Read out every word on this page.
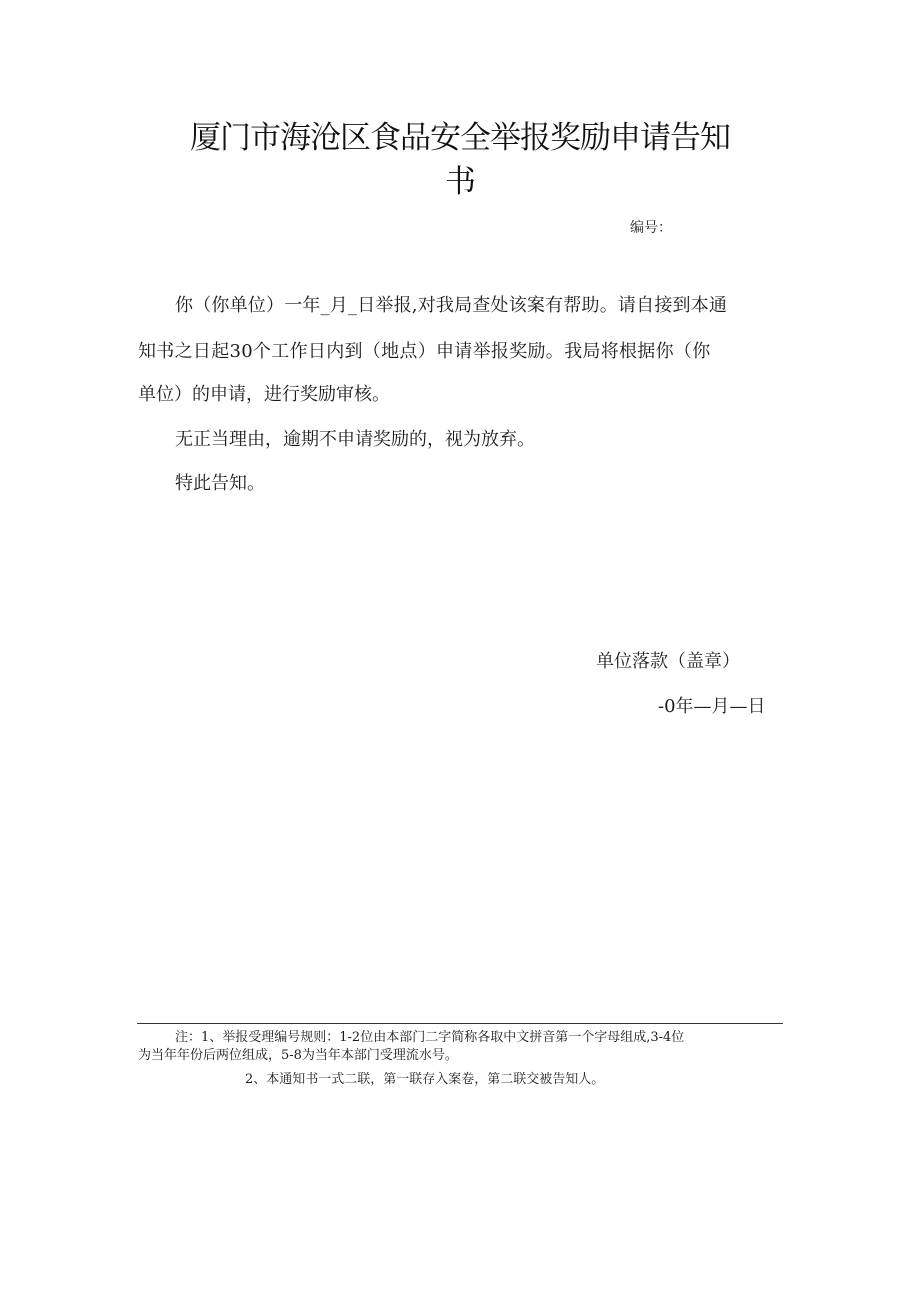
厦门市海沧区食品安全举报奖励申请告知
书
编号：
你（你单位）一年_月_日举报,对我局查处该案有帮助。请自接到本通
知书之日起30个工作日内到（地点）申请举报奖励。我局将根据你（你
单位）的申请，进行奖励审核。
无正当理由，逾期不申请奖励的，视为放弃。
特此告知。
单位落款（盖章）
-0年—月—日
注：1、举报受理编号规则：1-2位由本部门二字简称各取中文拼音第一个字母组成,3-4位
为当年年份后两位组成，5-8为当年本部门受理流水号。
2、本通知书一式二联，第一联存入案卷，第二联交被告知人。
